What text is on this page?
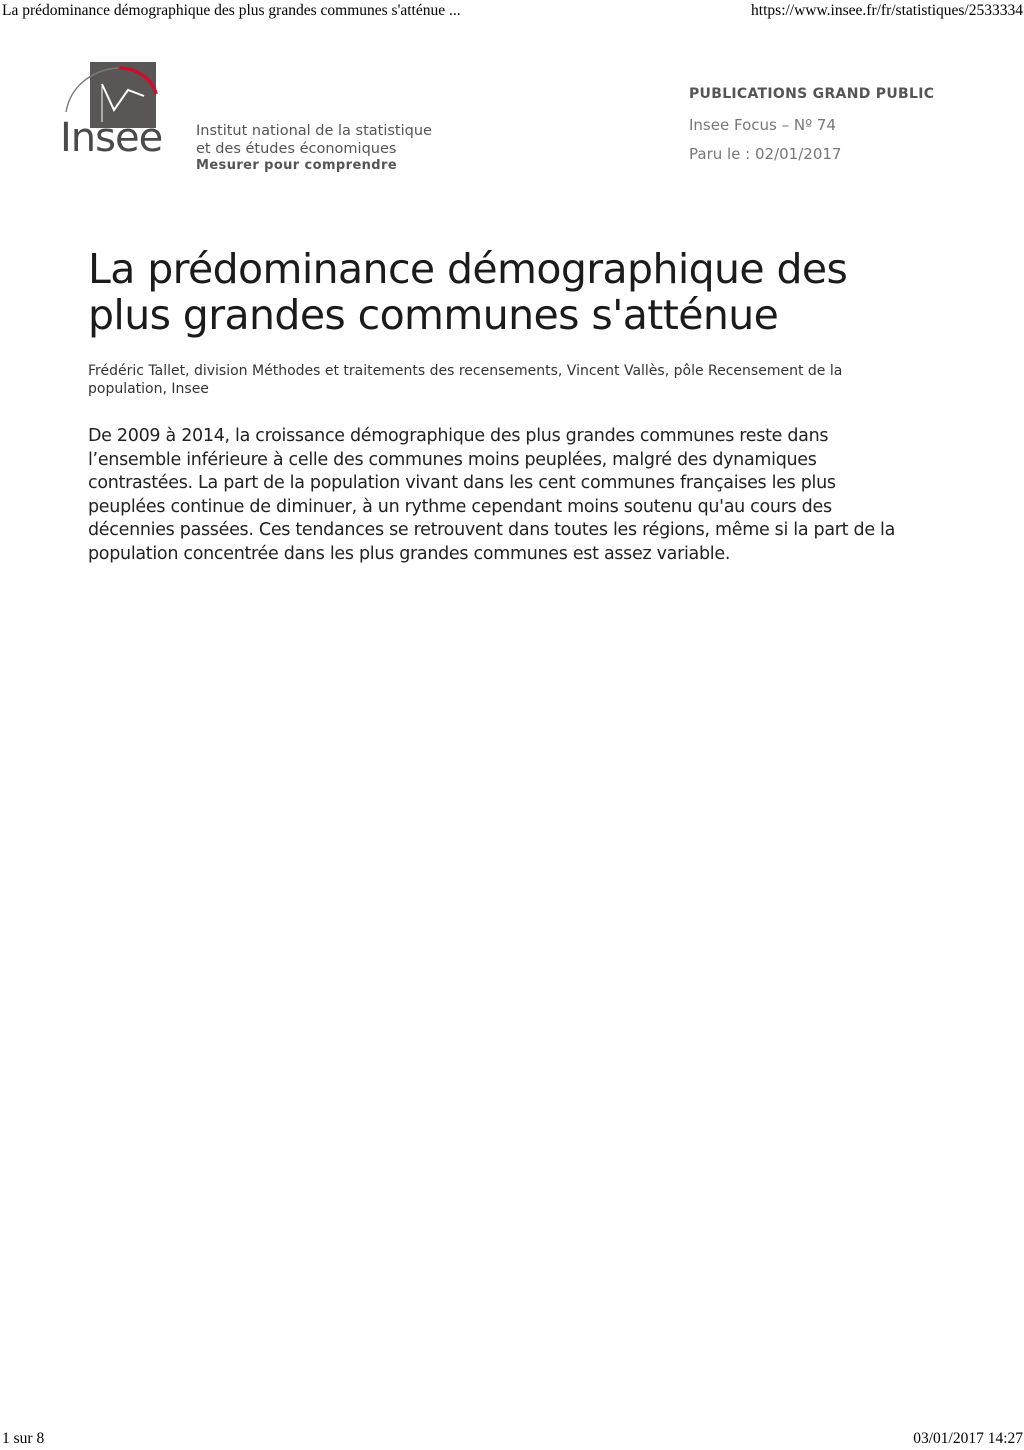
La prédominance démographique des plus grandes communes s'atténue ...	https://www.insee.fr/fr/statistiques/2533334
Insee Institut national de la statistique
et des études économiques
Mesurer pour comprendre
PUBLICATIONS GRAND PUBLIC
Insee Focus – Nº 74
Paru le : 02/01/2017
La prédominance démographique des plus grandes communes s'atténue

Frédéric Tallet, division Méthodes et traitements des recensements, Vincent Vallès, pôle Recensement de la population, Insee

De 2009 à 2014, la croissance démographique des plus grandes communes reste dans l’ensemble inférieure à celle des communes moins peuplées, malgré des dynamiques contrastées. La part de la population vivant dans les cent communes françaises les plus peuplées continue de diminuer, à un rythme cependant moins soutenu qu'au cours des décennies passées. Ces tendances se retrouvent dans toutes les régions, même si la part de la population concentrée dans les plus grandes communes est assez variable.

1 sur 8	03/01/2017 14:27
